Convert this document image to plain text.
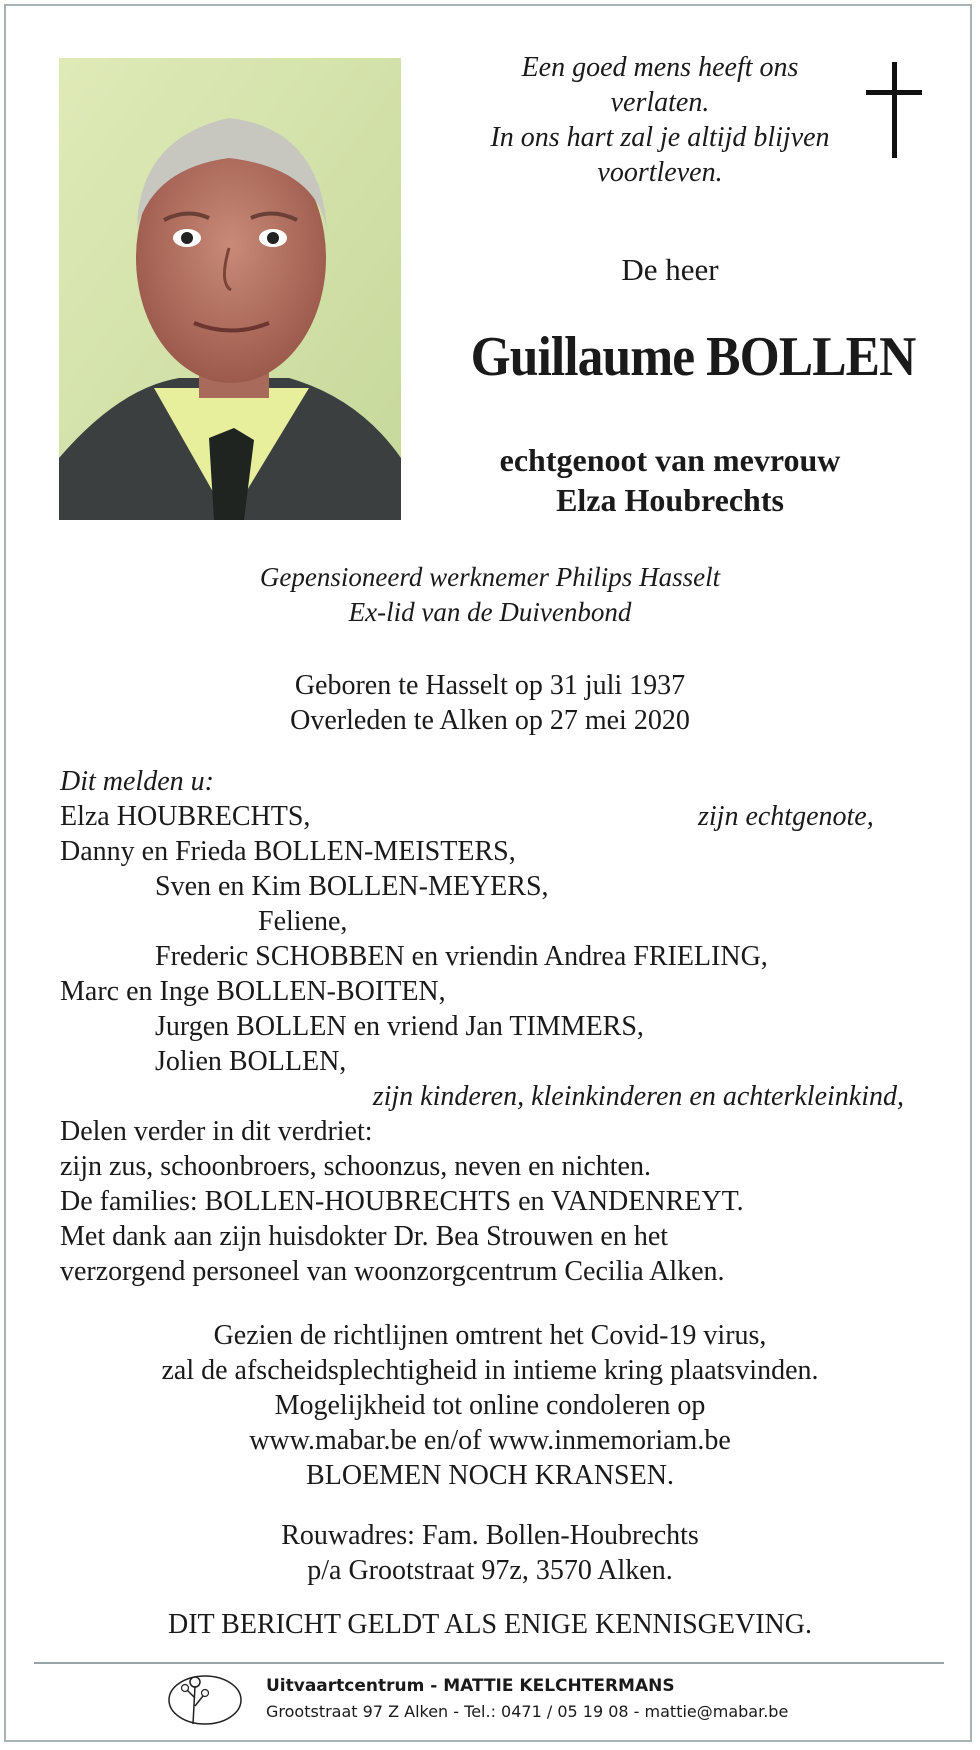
Een goed mens heeft ons
verlaten.
In ons hart zal je altijd blijven
voortleven.
De heer
Guillaume BOLLEN
echtgenoot van mevrouw
Elza Houbrechts
Gepensioneerd werknemer Philips Hasselt
Ex-lid van de Duivenbond
Geboren te Hasselt op 31 juli 1937
Overleden te Alken op 27 mei 2020
Dit melden u:
Elza HOUBRECHTS,	zijn echtgenote,
Danny en Frieda BOLLEN-MEISTERS,
Sven en Kim BOLLEN-MEYERS,
Feliene,
Frederic SCHOBBEN en vriendin Andrea FRIELING,
Marc en Inge BOLLEN-BOITEN,
Jurgen BOLLEN en vriend Jan TIMMERS,
Jolien BOLLEN,
zijn kinderen, kleinkinderen en achterkleinkind,
Delen verder in dit verdriet:
zijn zus, schoonbroers, schoonzus, neven en nichten.
De families: BOLLEN-HOUBRECHTS en VANDENREYT.
Met dank aan zijn huisdokter Dr. Bea Strouwen en het
verzorgend personeel van woonzorgcentrum Cecilia Alken.
Gezien de richtlijnen omtrent het Covid-19 virus,
zal de afscheidsplechtigheid in intieme kring plaatsvinden.
Mogelijkheid tot online condoleren op
www.mabar.be en/of www.inmemoriam.be
BLOEMEN NOCH KRANSEN.
Rouwadres: Fam. Bollen-Houbrechts
p/a Grootstraat 97z, 3570 Alken.
DIT BERICHT GELDT ALS ENIGE KENNISGEVING.
Uitvaartcentrum - MATTIE KELCHTERMANS
Grootstraat 97 Z Alken - Tel.: 0471 / 05 19 08 - mattie@mabar.be
